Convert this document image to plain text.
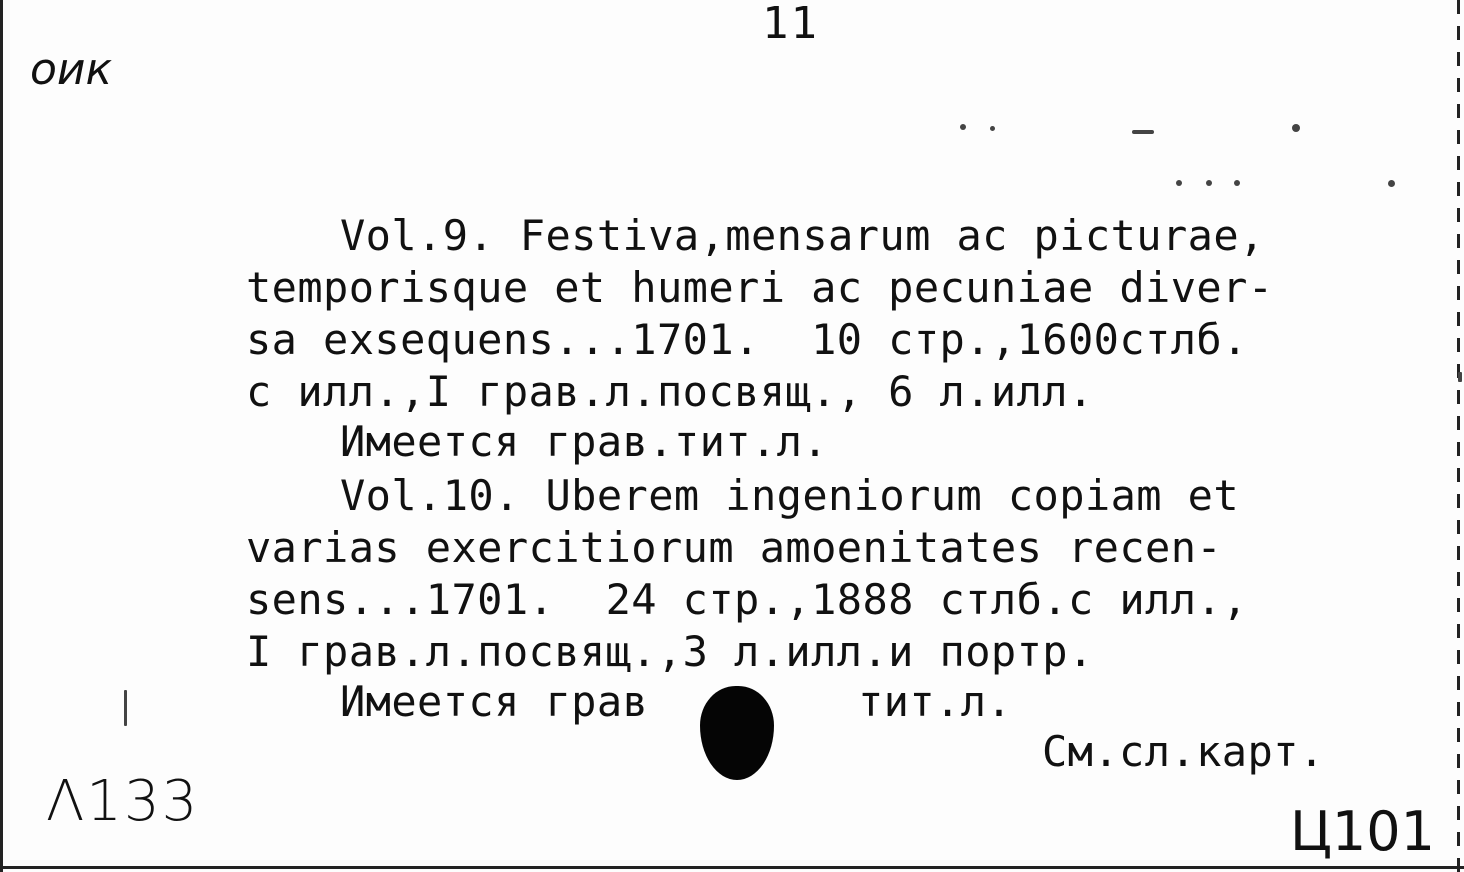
11
оик
Vol.9. Festiva,mensarum ac picturae,
temporisque et humeri ac pecuniae diver-
sa exsequens...1701.  10 стр.,1600стлб.
с илл.,I грав.л.посвящ., 6 л.илл.
Имеется грав.тит.л.
Vol.10. Uberem ingeniorum copiam et
varias exercitiorum amoenitates recen-
sens...1701.  24 стр.,1888 стлб.с илл.,
I грав.л.посвящ.,3 л.илл.и портр.
Имеется грав	тит.л.
См.сл.карт.
Λ133	Ц101
